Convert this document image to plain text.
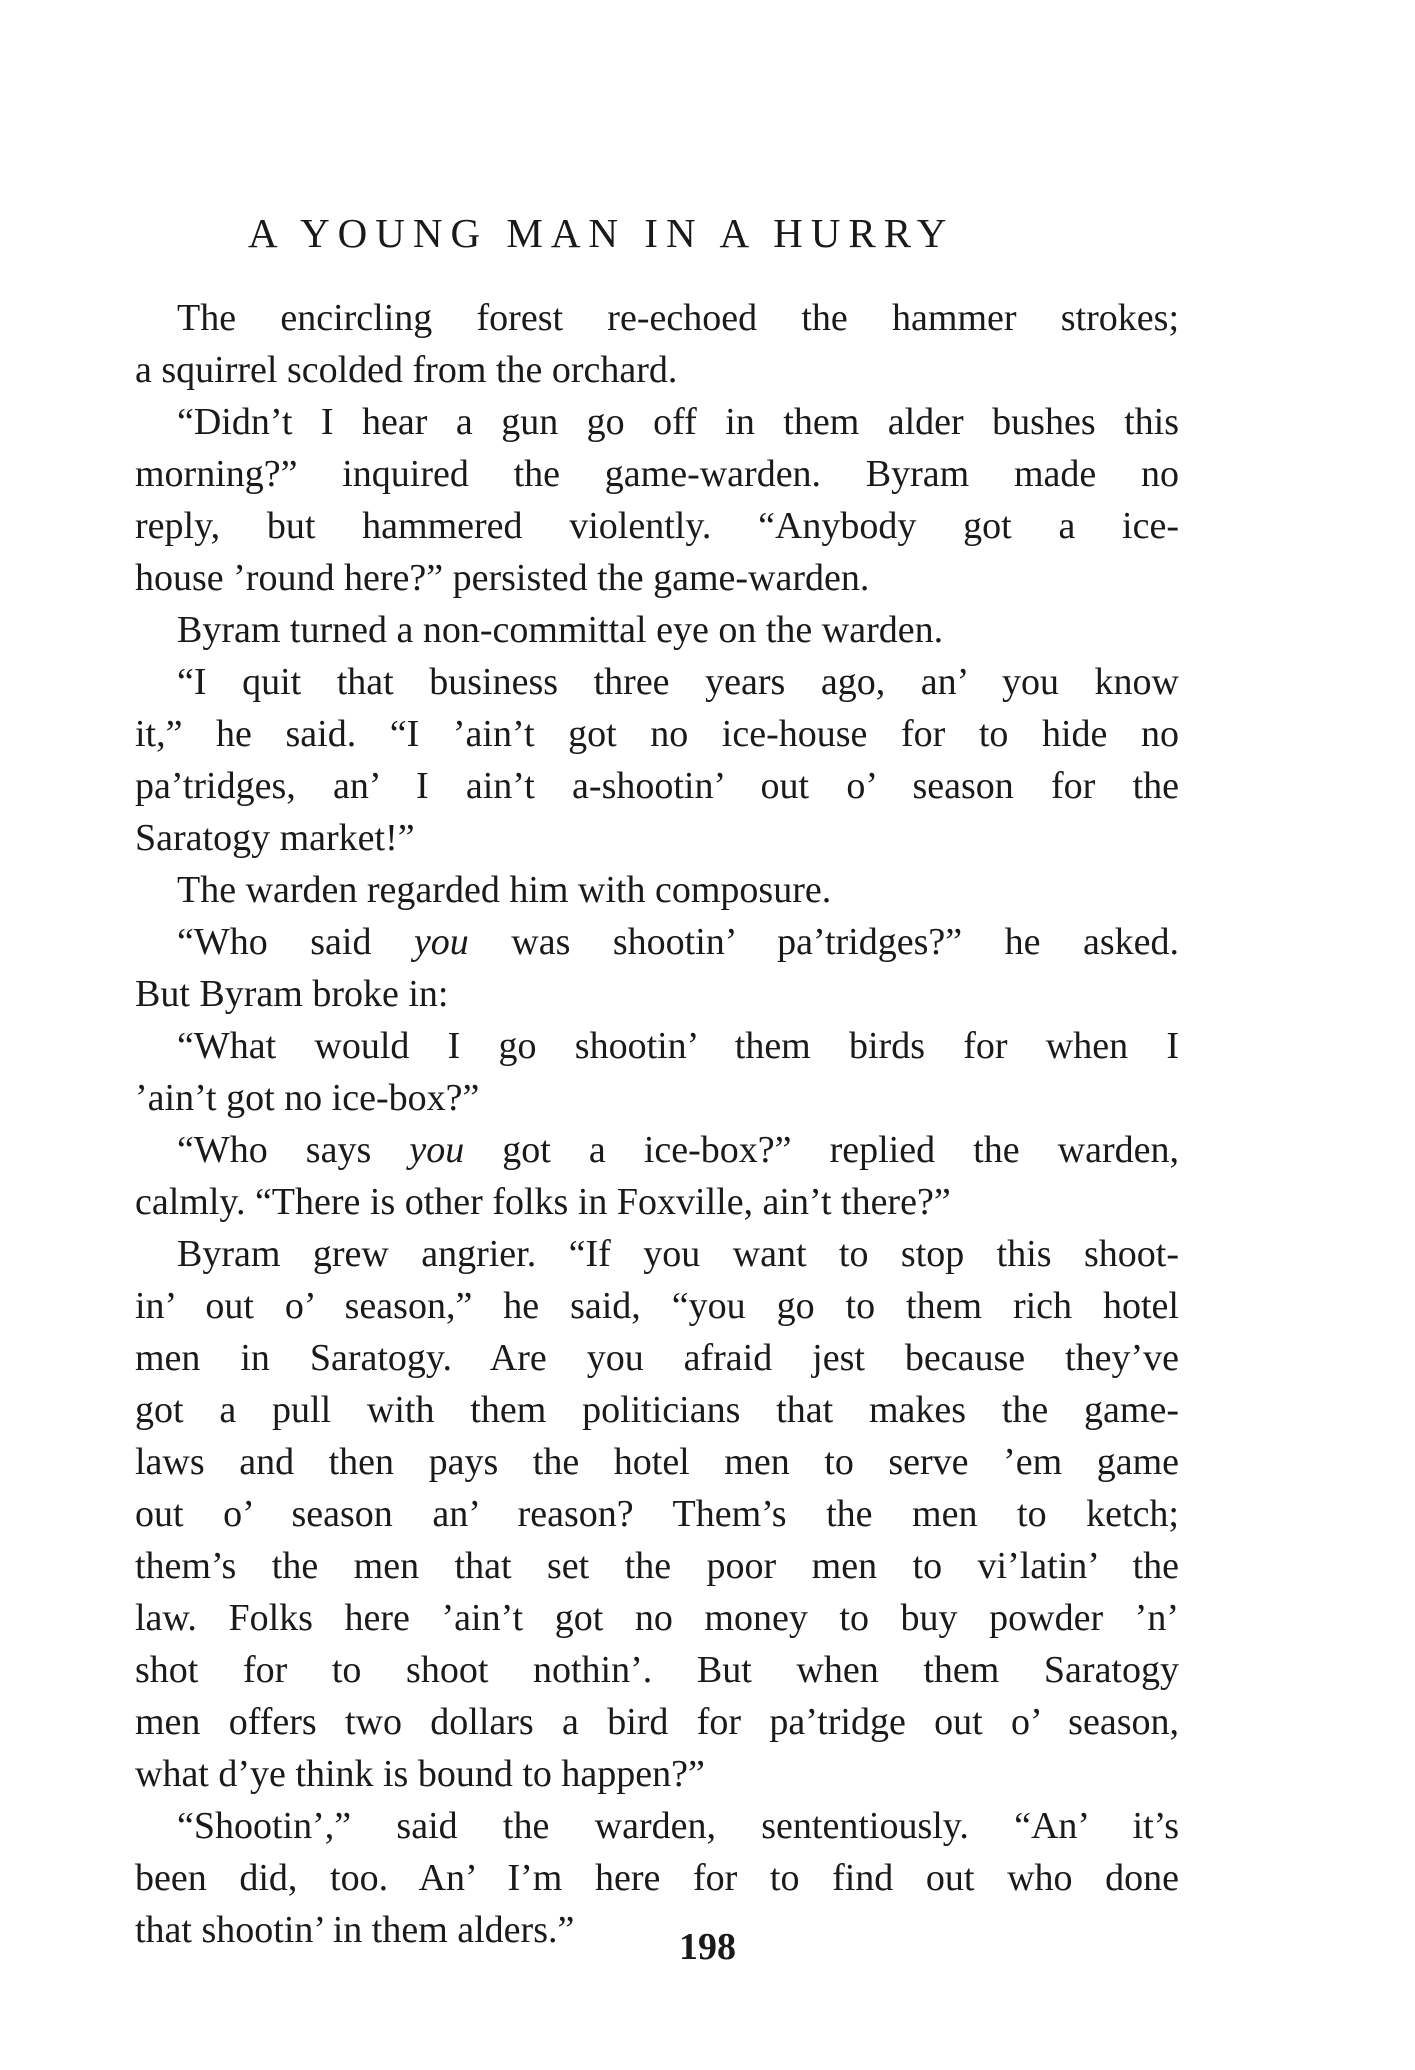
A YOUNG MAN IN A HURRY
The encircling forest re-echoed the hammer strokes;
a squirrel scolded from the orchard.
“Didn’t I hear a gun go off in them alder bushes this
morning?” inquired the game-warden. Byram made no
reply, but hammered violently. “Anybody got a ice-
house ’round here?” persisted the game-warden.
Byram turned a non-committal eye on the warden.
“I quit that business three years ago, an’ you know
it,” he said. “I ’ain’t got no ice-house for to hide no
pa’tridges, an’ I ain’t a-shootin’ out o’ season for the
Saratogy market!”
The warden regarded him with composure.
“Who said you was shootin’ pa’tridges?” he asked.
But Byram broke in:
“What would I go shootin’ them birds for when I
’ain’t got no ice-box?”
“Who says you got a ice-box?” replied the warden,
calmly. “There is other folks in Foxville, ain’t there?”
Byram grew angrier. “If you want to stop this shoot-
in’ out o’ season,” he said, “you go to them rich hotel
men in Saratogy. Are you afraid jest because they’ve
got a pull with them politicians that makes the game-
laws and then pays the hotel men to serve ’em game
out o’ season an’ reason? Them’s the men to ketch;
them’s the men that set the poor men to vi’latin’ the
law. Folks here ’ain’t got no money to buy powder ’n’
shot for to shoot nothin’. But when them Saratogy
men offers two dollars a bird for pa’tridge out o’ season,
what d’ye think is bound to happen?”
“Shootin’,” said the warden, sententiously. “An’ it’s
been did, too. An’ I’m here for to find out who done
that shootin’ in them alders.”	198
